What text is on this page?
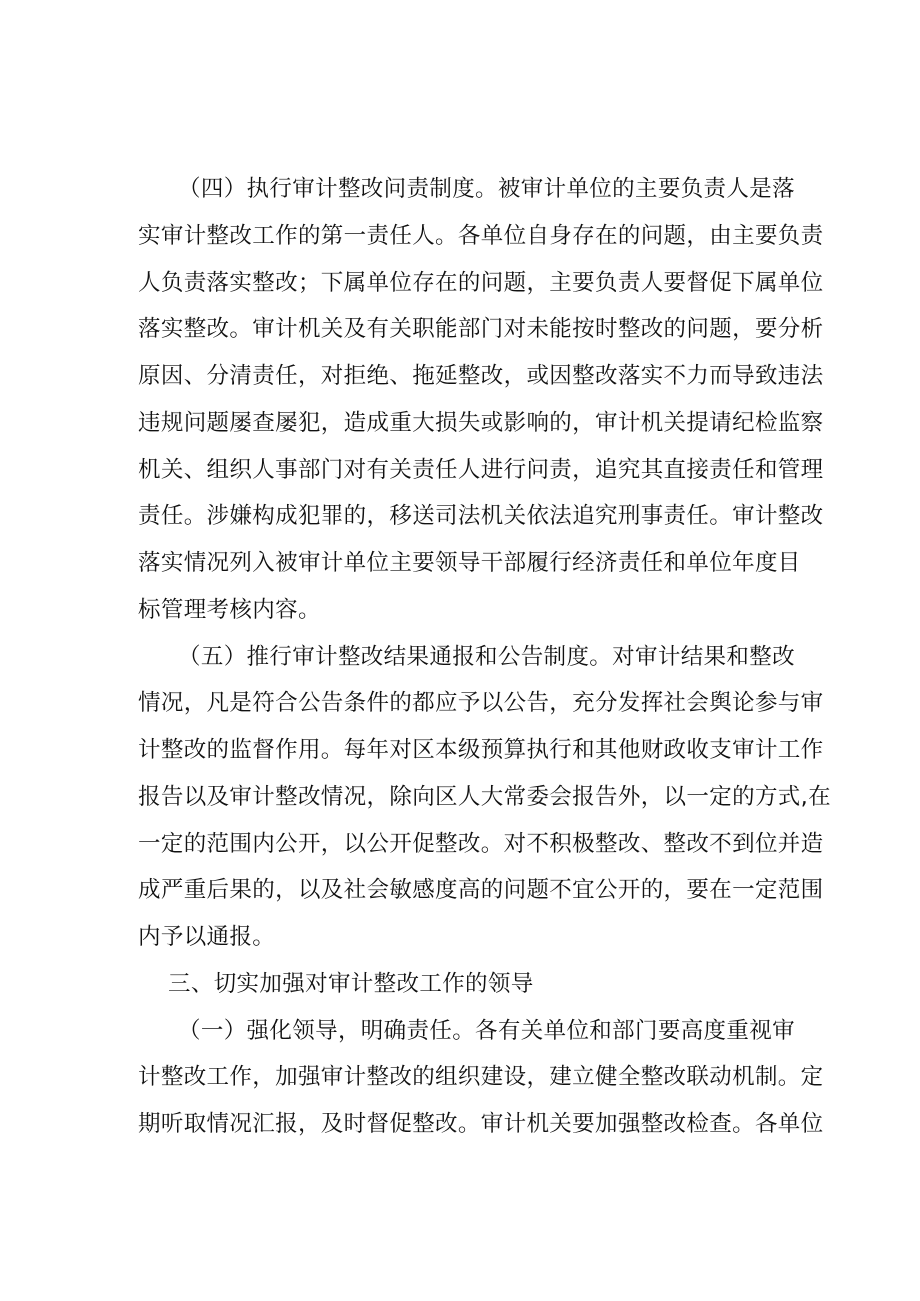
（四）执行审计整改问责制度。被审计单位的主要负责人是落
实审计整改工作的第一责任人。各单位自身存在的问题，由主要负责
人负责落实整改；下属单位存在的问题，主要负责人要督促下属单位
落实整改。审计机关及有关职能部门对未能按时整改的问题，要分析
原因、分清责任，对拒绝、拖延整改，或因整改落实不力而导致违法
违规问题屡查屡犯，造成重大损失或影响的，审计机关提请纪检监察
机关、组织人事部门对有关责任人进行问责，追究其直接责任和管理
责任。涉嫌构成犯罪的，移送司法机关依法追究刑事责任。审计整改
落实情况列入被审计单位主要领导干部履行经济责任和单位年度目
标管理考核内容。
（五）推行审计整改结果通报和公告制度。对审计结果和整改
情况，凡是符合公告条件的都应予以公告，充分发挥社会舆论参与审
计整改的监督作用。每年对区本级预算执行和其他财政收支审计工作
报告以及审计整改情况，除向区人大常委会报告外，以一定的方式,在
一定的范围内公开，以公开促整改。对不积极整改、整改不到位并造
成严重后果的，以及社会敏感度高的问题不宜公开的，要在一定范围
内予以通报。
三、切实加强对审计整改工作的领导
（一）强化领导，明确责任。各有关单位和部门要高度重视审
计整改工作，加强审计整改的组织建设，建立健全整改联动机制。定
期听取情况汇报，及时督促整改。审计机关要加强整改检查。各单位
